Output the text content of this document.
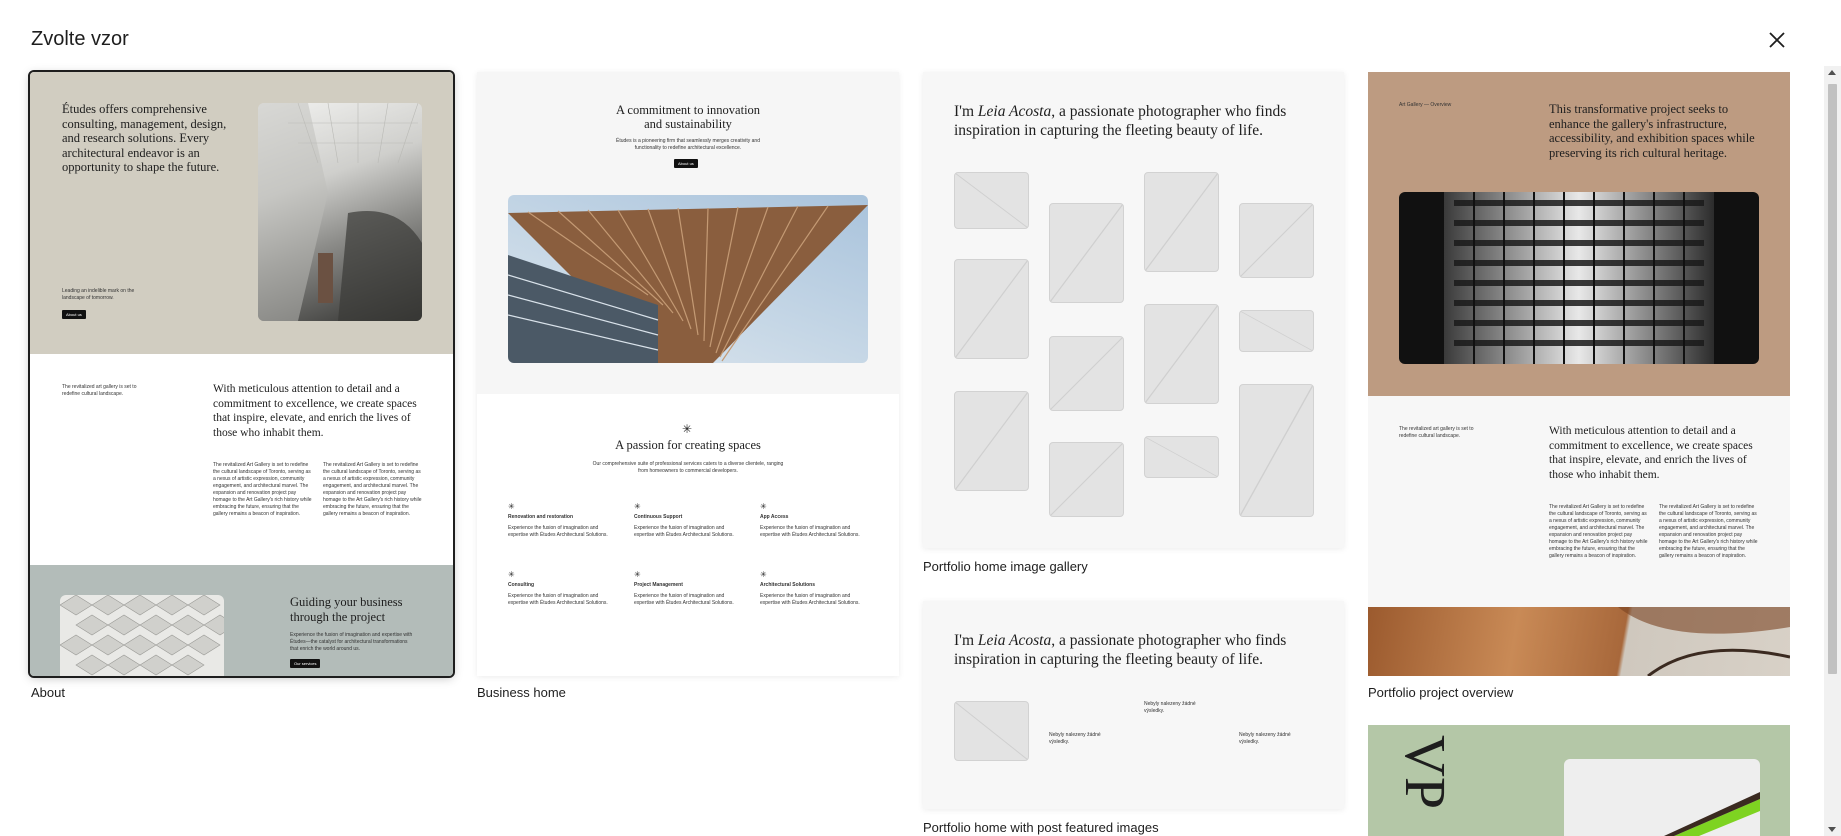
Zvolte vzor
Études offers comprehensive consulting, management, design, and research solutions. Every architectural endeavor is an opportunity to shape the future.
Leading an indelible mark on the landscape of tomorrow.
About us
The revitalized art gallery is set to redefine cultural landscape.	With meticulous attention to detail and a commitment to excellence, we create spaces that inspire, elevate, and enrich the lives of those who inhabit them.
The revitalized Art Gallery is set to redefine the cultural landscape of Toronto, serving as a nexus of artistic expression, community engagement, and architectural marvel. The expansion and renovation project pay homage to the Art Gallery's rich history while embracing the future, ensuring that the gallery remains a beacon of inspiration.
The revitalized Art Gallery is set to redefine the cultural landscape of Toronto, serving as a nexus of artistic expression, community engagement, and architectural marvel. The expansion and renovation project pay homage to the Art Gallery's rich history while embracing the future, ensuring that the gallery remains a beacon of inspiration.
Guiding your business through the project
Experience the fusion of imagination and expertise with Études—the catalyst for architectural transformations that enrich the world around us.
Our services
About
A commitment to innovation and sustainability
Études is a pioneering firm that seamlessly merges creativity and functionality to redefine architectural excellence.
About us
✳
A passion for creating spaces
Our comprehensive suite of professional services caters to a diverse clientele, ranging from homeowners to commercial developers.
✳
Renovation and restoration
Experience the fusion of imagination and expertise with Études Architectural Solutions.
✳
Continuous Support
Experience the fusion of imagination and expertise with Études Architectural Solutions.
✳
App Access
Experience the fusion of imagination and expertise with Études Architectural Solutions.
✳
Consulting
Experience the fusion of imagination and expertise with Études Architectural Solutions.
✳
Project Management
Experience the fusion of imagination and expertise with Études Architectural Solutions.
✳
Architectural Solutions
Experience the fusion of imagination and expertise with Études Architectural Solutions.
Business home
I'm Leia Acosta, a passionate photographer who finds inspiration in capturing the fleeting beauty of life.
Portfolio home image gallery
I'm Leia Acosta, a passionate photographer who finds inspiration in capturing the fleeting beauty of life.
Nebyly nalezeny žádné výsledky.
Nebyly nalezeny žádné výsledky.
Nebyly nalezeny žádné výsledky.
Portfolio home with post featured images
Art Gallery — Overview	This transformative project seeks to enhance the gallery's infrastructure, accessibility, and exhibition spaces while preserving its rich cultural heritage.
The revitalized art gallery is set to redefine cultural landscape.	With meticulous attention to detail and a commitment to excellence, we create spaces that inspire, elevate, and enrich the lives of those who inhabit them.
The revitalized Art Gallery is set to redefine the cultural landscape of Toronto, serving as a nexus of artistic expression, community engagement, and architectural marvel. The expansion and renovation project pay homage to the Art Gallery's rich history while embracing the future, ensuring that the gallery remains a beacon of inspiration.
The revitalized Art Gallery is set to redefine the cultural landscape of Toronto, serving as a nexus of artistic expression, community engagement, and architectural marvel. The expansion and renovation project pay homage to the Art Gallery's rich history while embracing the future, ensuring that the gallery remains a beacon of inspiration.
Portfolio project overview
VP
